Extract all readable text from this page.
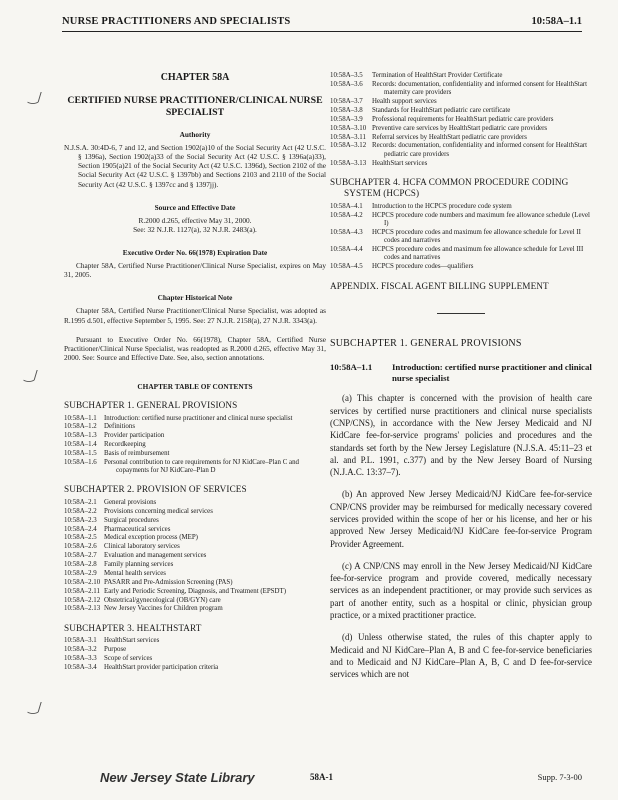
NURSE PRACTITIONERS AND SPECIALISTS	10:58A–1.1
‿/
‿/
‿/
CHAPTER 58A
CERTIFIED NURSE PRACTITIONER/CLINICAL NURSE SPECIALIST
Authority

N.J.S.A. 30:4D-6, 7 and 12, and Section 1902(a)10 of the Social Security Act (42 U.S.C. § 1396a), Section 1902(a)33 of the Social Security Act (42 U.S.C. § 1396a(a)33), Section 1905(a)21 of the Social Security Act (42 U.S.C. 1396d), Section 2102 of the Social Security Act (42 U.S.C. § 1397bb) and Sections 2103 and 2110 of the Social Security Act (42 U.S.C. § 1397cc and § 1397jj).

Source and Effective Date

R.2000 d.265, effective May 31, 2000.

See: 32 N.J.R. 1127(a), 32 N.J.R. 2483(a).

Executive Order No. 66(1978) Expiration Date

Chapter 58A, Certified Nurse Practitioner/Clinical Nurse Specialist, expires on May 31, 2005.

Chapter Historical Note

Chapter 58A, Certified Nurse Practitioner/Clinical Nurse Specialist, was adopted as R.1995 d.501, effective September 5, 1995. See: 27 N.J.R. 2158(a), 27 N.J.R. 3343(a).

Pursuant to Executive Order No. 66(1978), Chapter 58A, Certified Nurse Practitioner/Clinical Nurse Specialist, was readopted as R.2000 d.265, effective May 31, 2000. See: Source and Effective Date. See, also, section annotations.

CHAPTER TABLE OF CONTENTS
SUBCHAPTER 1. GENERAL PROVISIONS
10:58A–1.1	Introduction: certified nurse practitioner and clinical nurse specialist
10:58A–1.2	Definitions
10:58A–1.3	Provider participation
10:58A–1.4	Recordkeeping
10:58A–1.5	Basis of reimbursement
10:58A–1.6	Personal contribution to care requirements for NJ KidCare–Plan C and copayments for NJ KidCare–Plan D
SUBCHAPTER 2. PROVISION OF SERVICES
10:58A–2.1	General provisions
10:58A–2.2	Provisions concerning medical services
10:58A–2.3	Surgical procedures
10:58A–2.4	Pharmaceutical services
10:58A–2.5	Medical exception process (MEP)
10:58A–2.6	Clinical laboratory services
10:58A–2.7	Evaluation and management services
10:58A–2.8	Family planning services
10:58A–2.9	Mental health services
10:58A–2.10 PASARR and Pre-Admission Screening (PAS)
10:58A–2.11 Early and Periodic Screening, Diagnosis, and Treatment (EPSDT)
10:58A–2.12 Obstetrical/gynecological (OB/GYN) care
10:58A–2.13 New Jersey Vaccines for Children program
SUBCHAPTER 3. HEALTHSTART
10:58A–3.1	HealthStart services
10:58A–3.2	Purpose
10:58A–3.3	Scope of services
10:58A–3.4	HealthStart provider participation criteria
10:58A–3.5	Termination of HealthStart Provider Certificate
10:58A–3.6	Records: documentation, confidentiality and informed consent for HealthStart maternity care providers
10:58A–3.7	Health support services
10:58A–3.8	Standards for HealthStart pediatric care certificate
10:58A–3.9	Professional requirements for HealthStart pediatric care providers
10:58A–3.10 Preventive care services by HealthStart pediatric care providers
10:58A–3.11 Referral services by HealthStart pediatric care providers
10:58A–3.12 Records: documentation, confidentiality and informed consent for HealthStart pediatric care providers
10:58A–3.13 HealthStart services
SUBCHAPTER 4. HCFA COMMON PROCEDURE CODING SYSTEM (HCPCS)
10:58A–4.1	Introduction to the HCPCS procedure code system
10:58A–4.2	HCPCS procedure code numbers and maximum fee allowance schedule (Level I)
10:58A–4.3	HCPCS procedure codes and maximum fee allowance schedule for Level II codes and narratives
10:58A–4.4	HCPCS procedure codes and maximum fee allowance schedule for Level III codes and narratives
10:58A–4.5	HCPCS procedure codes—qualifiers
APPENDIX. FISCAL AGENT BILLING SUPPLEMENT
SUBCHAPTER 1. GENERAL PROVISIONS
10:58A–1.1	Introduction: certified nurse practitioner and clinical nurse specialist

(a) This chapter is concerned with the provision of health care services by certified nurse practitioners and clinical nurse specialists (CNP/CNS), in accordance with the New Jersey Medicaid and NJ KidCare fee-for-service programs' policies and procedures and the standards set forth by the New Jersey Legislature (N.J.S.A. 45:11–23 et al. and P.L. 1991, c.377) and by the New Jersey Board of Nursing (N.J.A.C. 13:37–7).

(b) An approved New Jersey Medicaid/NJ KidCare fee-for-service CNP/CNS provider may be reimbursed for medically necessary covered services provided within the scope of her or his license, and her or his approved New Jersey Medicaid/NJ KidCare fee-for-service Program Provider Agreement.

(c) A CNP/CNS may enroll in the New Jersey Medicaid/NJ KidCare fee-for-service program and provide covered, medically necessary services as an independent practitioner, or may provide such services as part of another entity, such as a hospital or clinic, physician group practice, or a mixed practitioner practice.

(d) Unless otherwise stated, the rules of this chapter apply to Medicaid and NJ KidCare–Plan A, B and C fee-for-service beneficiaries and to Medicaid and NJ KidCare–Plan A, B, C and D fee-for-service services which are not

New Jersey State Library	58A-1	Supp. 7-3-00
